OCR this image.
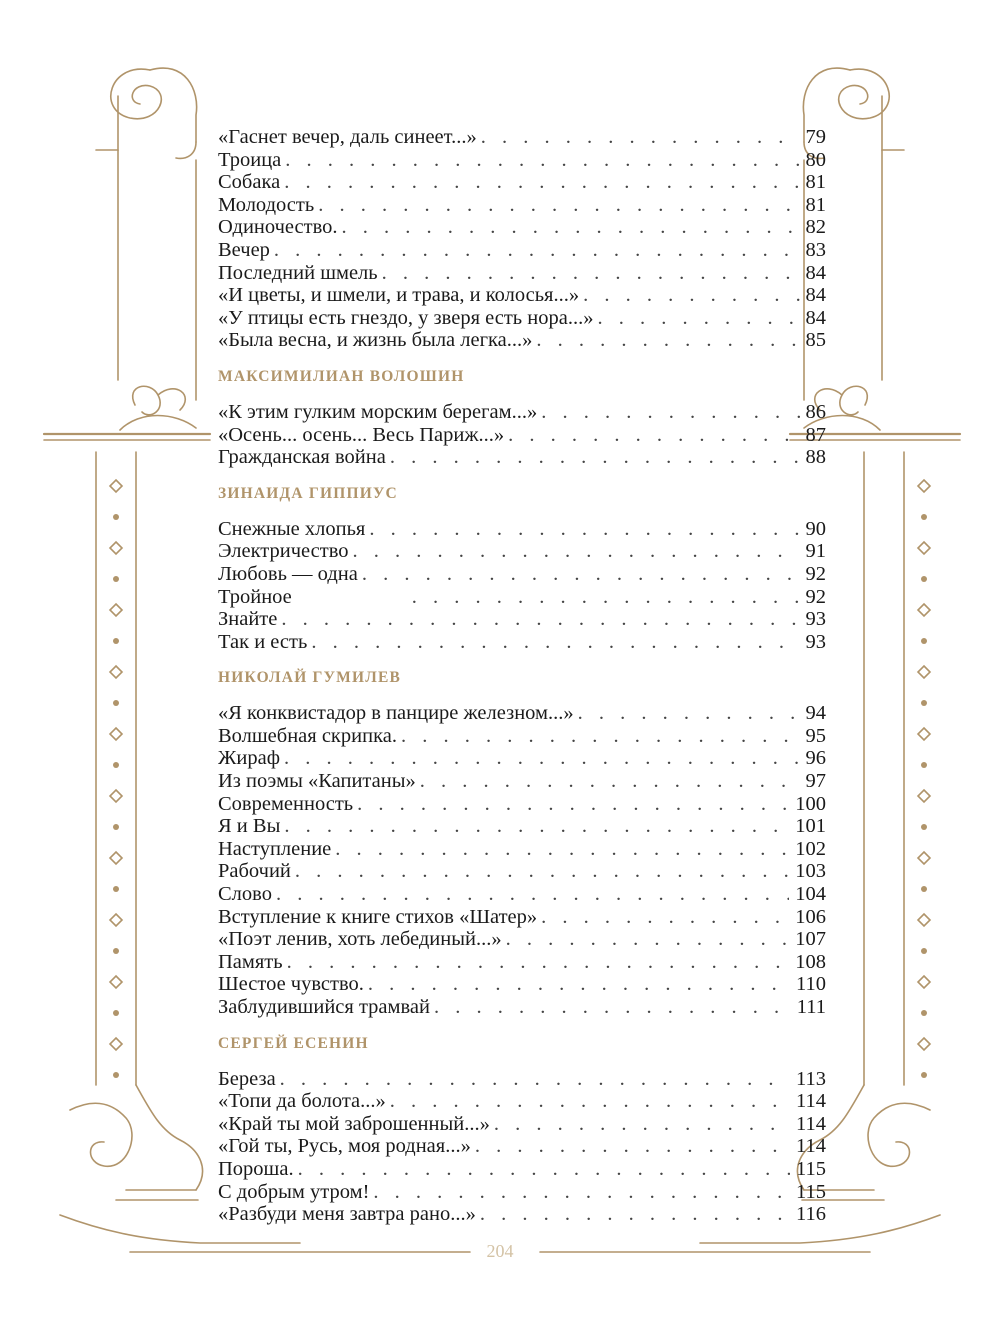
«Гаснет вечер, даль синеет...» . . .	79
Троица . . .	80
Собака . . .	81
Молодость . . .	81
Одиночество. . . .	82
Вечер . . .	83
Последний шмель . . .	84
«И цветы, и шмели, и трава, и колосья...» . . .	84
«У птицы есть гнездо, у зверя есть нора...» . . .	84
«Была весна, и жизнь была легка...» . . .	85
МАКСИМИЛИАН ВОЛОШИН
«К этим гулким морским берегам...» . . .	86
«Осень... осень... Весь Париж...» . . .	87
Гражданская война . . .	88
ЗИНАИДА ГИППИУС
Снежные хлопья . . .	90
Электричество . . .	91
Любовь — одна . . .	92
Тройное . . .	92
Знайте . . .	93
Так и есть . . .	93
НИКОЛАЙ ГУМИЛЕВ
«Я конквистадор в панцире железном...» . . .	94
Волшебная скрипка. . . .	95
Жираф . . .	96
Из поэмы «Капитаны» . . .	97
Современность . . .	100
Я и Вы . . .	101
Наступление . . .	102
Рабочий . . .	103
Слово . . .	104
Вступление к книге стихов «Шатер» . . .	106
«Поэт ленив, хоть лебединый...» . . .	107
Память . . .	108
Шестое чувство. . . .	110
Заблудившийся трамвай . . .	111
СЕРГЕЙ ЕСЕНИН
Береза . . .	113
«Топи да болота...» . . .	114
«Край ты мой заброшенный...» . . .	114
«Гой ты, Русь, моя родная...» . . .	114
Пороша. . . .	115
С добрым утром! . . .	115
«Разбуди меня завтра рано...» . . .	116
204
